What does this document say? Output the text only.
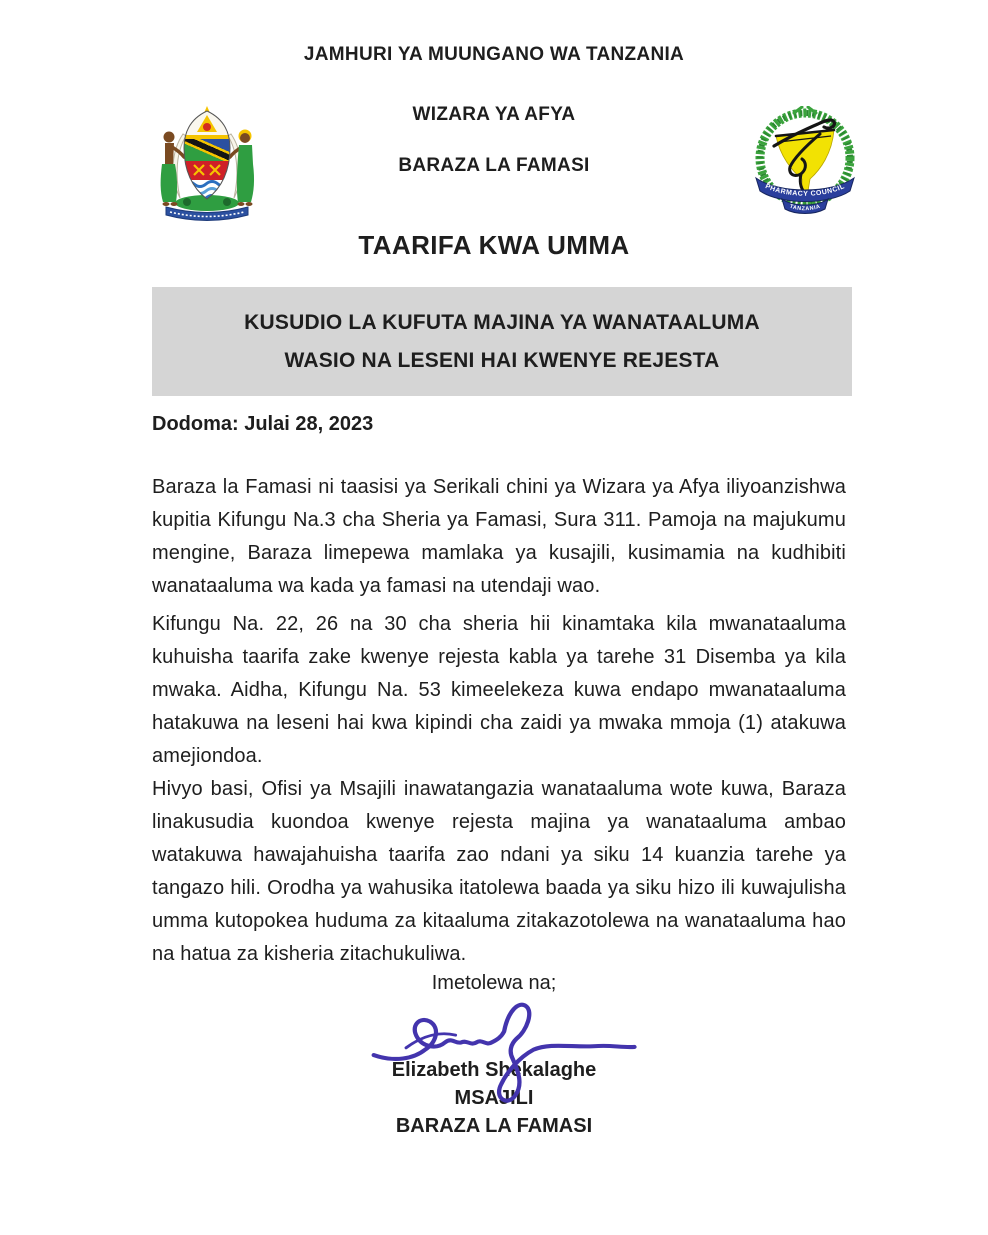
JAMHURI YA MUUNGANO WA TANZANIA
WIZARA YA AFYA
BARAZA LA FAMASI
PHARMACY COUNCIL
TANZANIA
TAARIFA KWA UMMA
KUSUDIO LA KUFUTA MAJINA YA WANATAALUMA
WASIO NA LESENI HAI KWENYE REJESTA
Dodoma: Julai 28, 2023
Baraza la Famasi ni taasisi ya Serikali chini ya Wizara ya Afya iliyoanzishwa kupitia Kifungu Na.3 cha Sheria ya Famasi, Sura 311. Pamoja na majukumu mengine, Baraza limepewa mamlaka ya kusajili, kusimamia na kudhibiti wanataaluma wa kada ya famasi na utendaji wao.
Kifungu Na. 22, 26 na 30 cha sheria hii kinamtaka kila mwanataaluma kuhuisha taarifa zake kwenye rejesta kabla ya tarehe 31 Disemba ya kila mwaka. Aidha, Kifungu Na. 53 kimeelekeza kuwa endapo mwanataaluma hatakuwa na leseni hai kwa kipindi cha zaidi ya mwaka mmoja (1) atakuwa amejiondoa.
Hivyo basi, Ofisi ya Msajili inawatangazia wanataaluma wote kuwa, Baraza linakusudia kuondoa kwenye rejesta majina ya wanataaluma ambao watakuwa hawajahuisha taarifa zao ndani ya siku 14 kuanzia tarehe ya tangazo hili. Orodha ya wahusika itatolewa baada ya siku hizo ili kuwajulisha umma kutopokea huduma za kitaaluma zitakazotolewa na wanataaluma hao na hatua za kisheria zitachukuliwa.
Imetolewa na;
Elizabeth Shekalaghe
MSAJILI
BARAZA LA FAMASI
